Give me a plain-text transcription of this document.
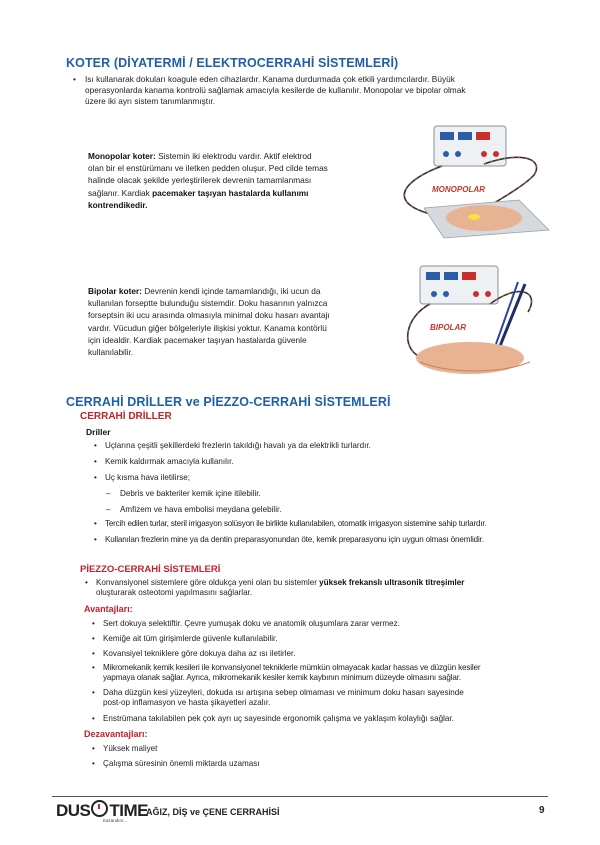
KOTER (DİYATERMİ / ELEKTROCERRAHİ SİSTEMLERİ)
• Isı kullanarak dokuları koagule eden cihazlardır. Kanama durdurmada çok etkili yardımcılardır. Büyük
operasyonlarda kanama kontrolü sağlamak amacıyla kesilerde de kullanılır. Monopolar ve bipolar olmak
üzere iki ayrı sistem tanımlanmıştır.
Monopolar koter: Sistemin iki elektrodu vardır. Aktif elektrod
olan bir el enstürümanı ve iletken pedden oluşur. Ped cilde temas
halinde olacak şekilde yerleştirilerek devrenin tamamlanması
sağlanır. Kardiak pacemaker taşıyan hastalarda kullanımı
kontrendikedir.
MONOPOLAR
Bipolar koter: Devrenin kendi içinde tamamlandığı, iki ucun da
kullanılan forseptte bulunduğu sistemdir. Doku hasarının yalnızca
forseptsin iki ucu arasında olmasıyla minimal doku hasarı avantajı
vardır. Vücudun giğer bölgeleriyle ilişkisi yoktur. Kanama kontörlü
için idealdir. Kardiak pacemaker taşıyan hastalarda güvenle
kullanılabilir.
BIPOLAR
CERRAHİ DRİLLER ve PİEZZO-CERRAHİ SİSTEMLERİ
CERRAHİ DRİLLER
Driller
• Uçlarına çeşitli şekillerdeki frezlerin takıldığı havalı ya da elektrikli turlardır.
• Kemik kaldırmak amacıyla kullanılır.
• Uç kısma hava iletilirse;
– Debris ve bakteriler kemik içine itilebilir.
– Amfizem ve hava embolisi meydana gelebilir.
• Tercih edilen turlar, steril irrigasyon solüsyon ile birlikte kullanılabilen, otomatik irrigasyon sistemine sahip turlardır.
• Kullanılan frezlerin mine ya da dentin preparasyonundan öte, kemik preparasyonu için uygun olması önemlidir.
PİEZZO-CERRAHİ SİSTEMLERİ
• Konvansiyonel sistemlere göre oldukça yeni olan bu sistemler yüksek frekanslı ultrasonik titreşimler
oluşturarak osteotomi yapılmasını sağlarlar.
Avantajları:
• Sert dokuya selektiftir. Çevre yumuşak doku ve anatomik oluşumlara zarar vermez.
• Kemiğe ait tüm girişimlerde güvenle kullanılabilir.
• Kovansiyel tekniklere göre dokuya daha az ısı iletirler.
• Mikromekanik kemik kesileri ile konvansiyonel tekniklerle mümkün olmayacak kadar hassas ve düzgün kesiler
yapmaya olanak sağlar. Ayrıca, mikromekanik kesiler kemik kaybının minimum düzeyde olmasını sağlar.
• Daha düzgün kesi yüzeyleri, dokuda ısı artışına sebep olmaması ve minimum doku hasarı sayesinde
post-op inflamasyon ve hasta şikayetleri azalır.
• Enstrümana takılabilen pek çok ayrı uç sayesinde ergonomik çalışma ve yaklaşım kolaylığı sağlar.
Dezavantajları:
• Yüksek maliyet
• Çalışma süresinin önemli miktarda uzaması
DUS TIME
Kazandırır...
AĞIZ, DİŞ ve ÇENE CERRAHİSİ	9
